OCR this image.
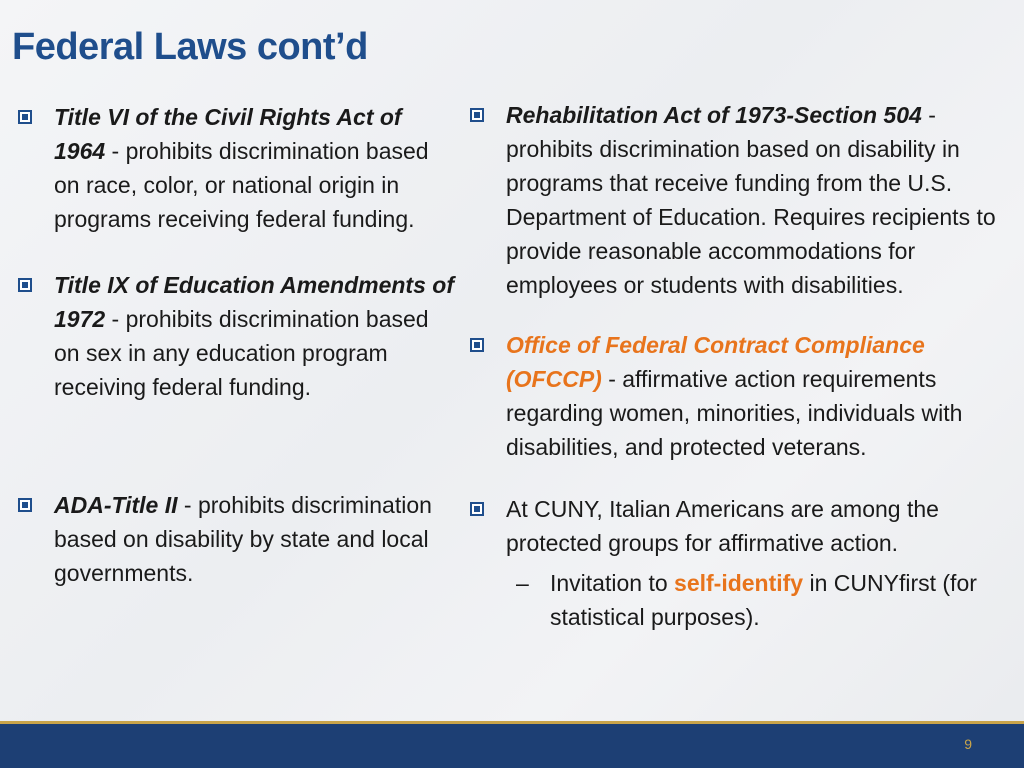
Federal Laws cont’d
Title VI of the Civil Rights Act of 1964 - prohibits discrimination based on race, color, or national origin in programs receiving federal funding.
Title IX of Education Amendments of 1972 - prohibits discrimination based on sex in any education program receiving federal funding.
ADA-Title II - prohibits discrimination based on disability by state and local governments.
Rehabilitation Act of 1973-Section 504 - prohibits discrimination based on disability in programs that receive funding from the U.S. Department of Education. Requires recipients to provide reasonable accommodations for employees or students with disabilities.
Office of Federal Contract Compliance (OFCCP) - affirmative action requirements regarding women, minorities, individuals with disabilities, and protected veterans.
At CUNY, Italian Americans are among the protected groups for affirmative action.
– Invitation to self-identify in CUNYfirst (for statistical purposes).
9
